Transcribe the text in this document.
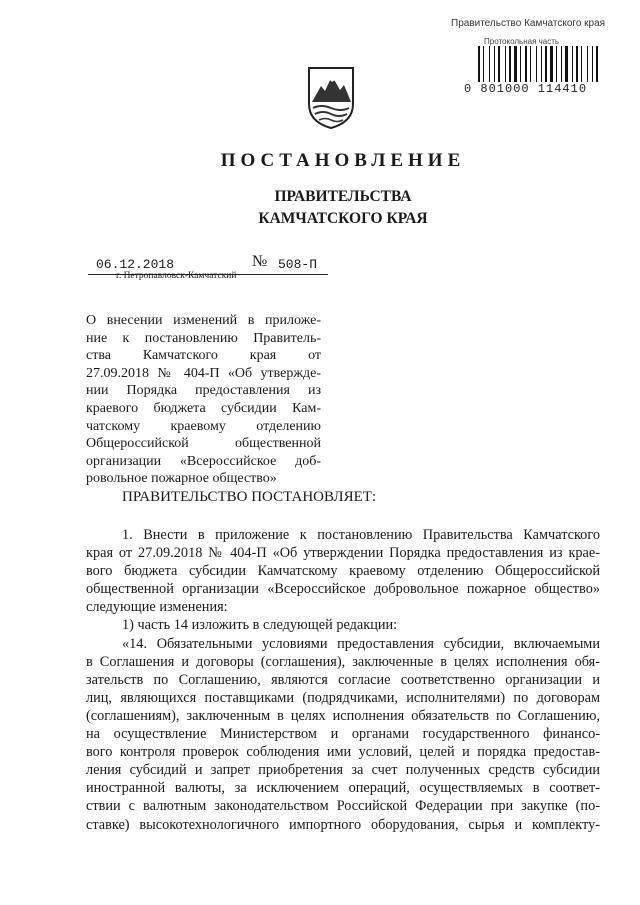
Правительство Камчатского края
Протокольная часть
0 801000 114410
ПОСТАНОВЛЕНИЕ
ПРАВИТЕЛЬСТВА
КАМЧАТСКОГО КРАЯ
06.12.2018	№ 508-П
г. Петропавловск-Камчатский
О внесении изменений в приложе-
ние к постановлению Правитель-
ства Камчатского края от
27.09.2018 № 404-П «Об утвержде-
нии Порядка предоставления из
краевого бюджета субсидии Кам-
чатскому краевому отделению
Общероссийской общественной
организации «Всероссийское доб-
ровольное пожарное общество»
ПРАВИТЕЛЬСТВО ПОСТАНОВЛЯЕТ:
1. Внести в приложение к постановлению Правительства Камчатского
края от 27.09.2018 № 404-П «Об утверждении Порядка предоставления из крае-
вого бюджета субсидии Камчатскому краевому отделению Общероссийской
общественной организации «Всероссийское добровольное пожарное общество»
следующие изменения:
1) часть 14 изложить в следующей редакции:
«14. Обязательными условиями предоставления субсидии, включаемыми
в Соглашения и договоры (соглашения), заключенные в целях исполнения обя-
зательств по Соглашению, являются согласие соответственно организации и
лиц, являющихся поставщиками (подрядчиками, исполнителями) по договорам
(соглашениям), заключенным в целях исполнения обязательств по Соглашению,
на осуществление Министерством и органами государственного финансо-
вого контроля проверок соблюдения ими условий, целей и порядка предостав-
ления субсидий и запрет приобретения за счет полученных средств субсидии
иностранной валюты, за исключением операций, осуществляемых в соответ-
ствии с валютным законодательством Российской Федерации при закупке (по-
ставке) высокотехнологичного импортного оборудования, сырья и комплекту-
